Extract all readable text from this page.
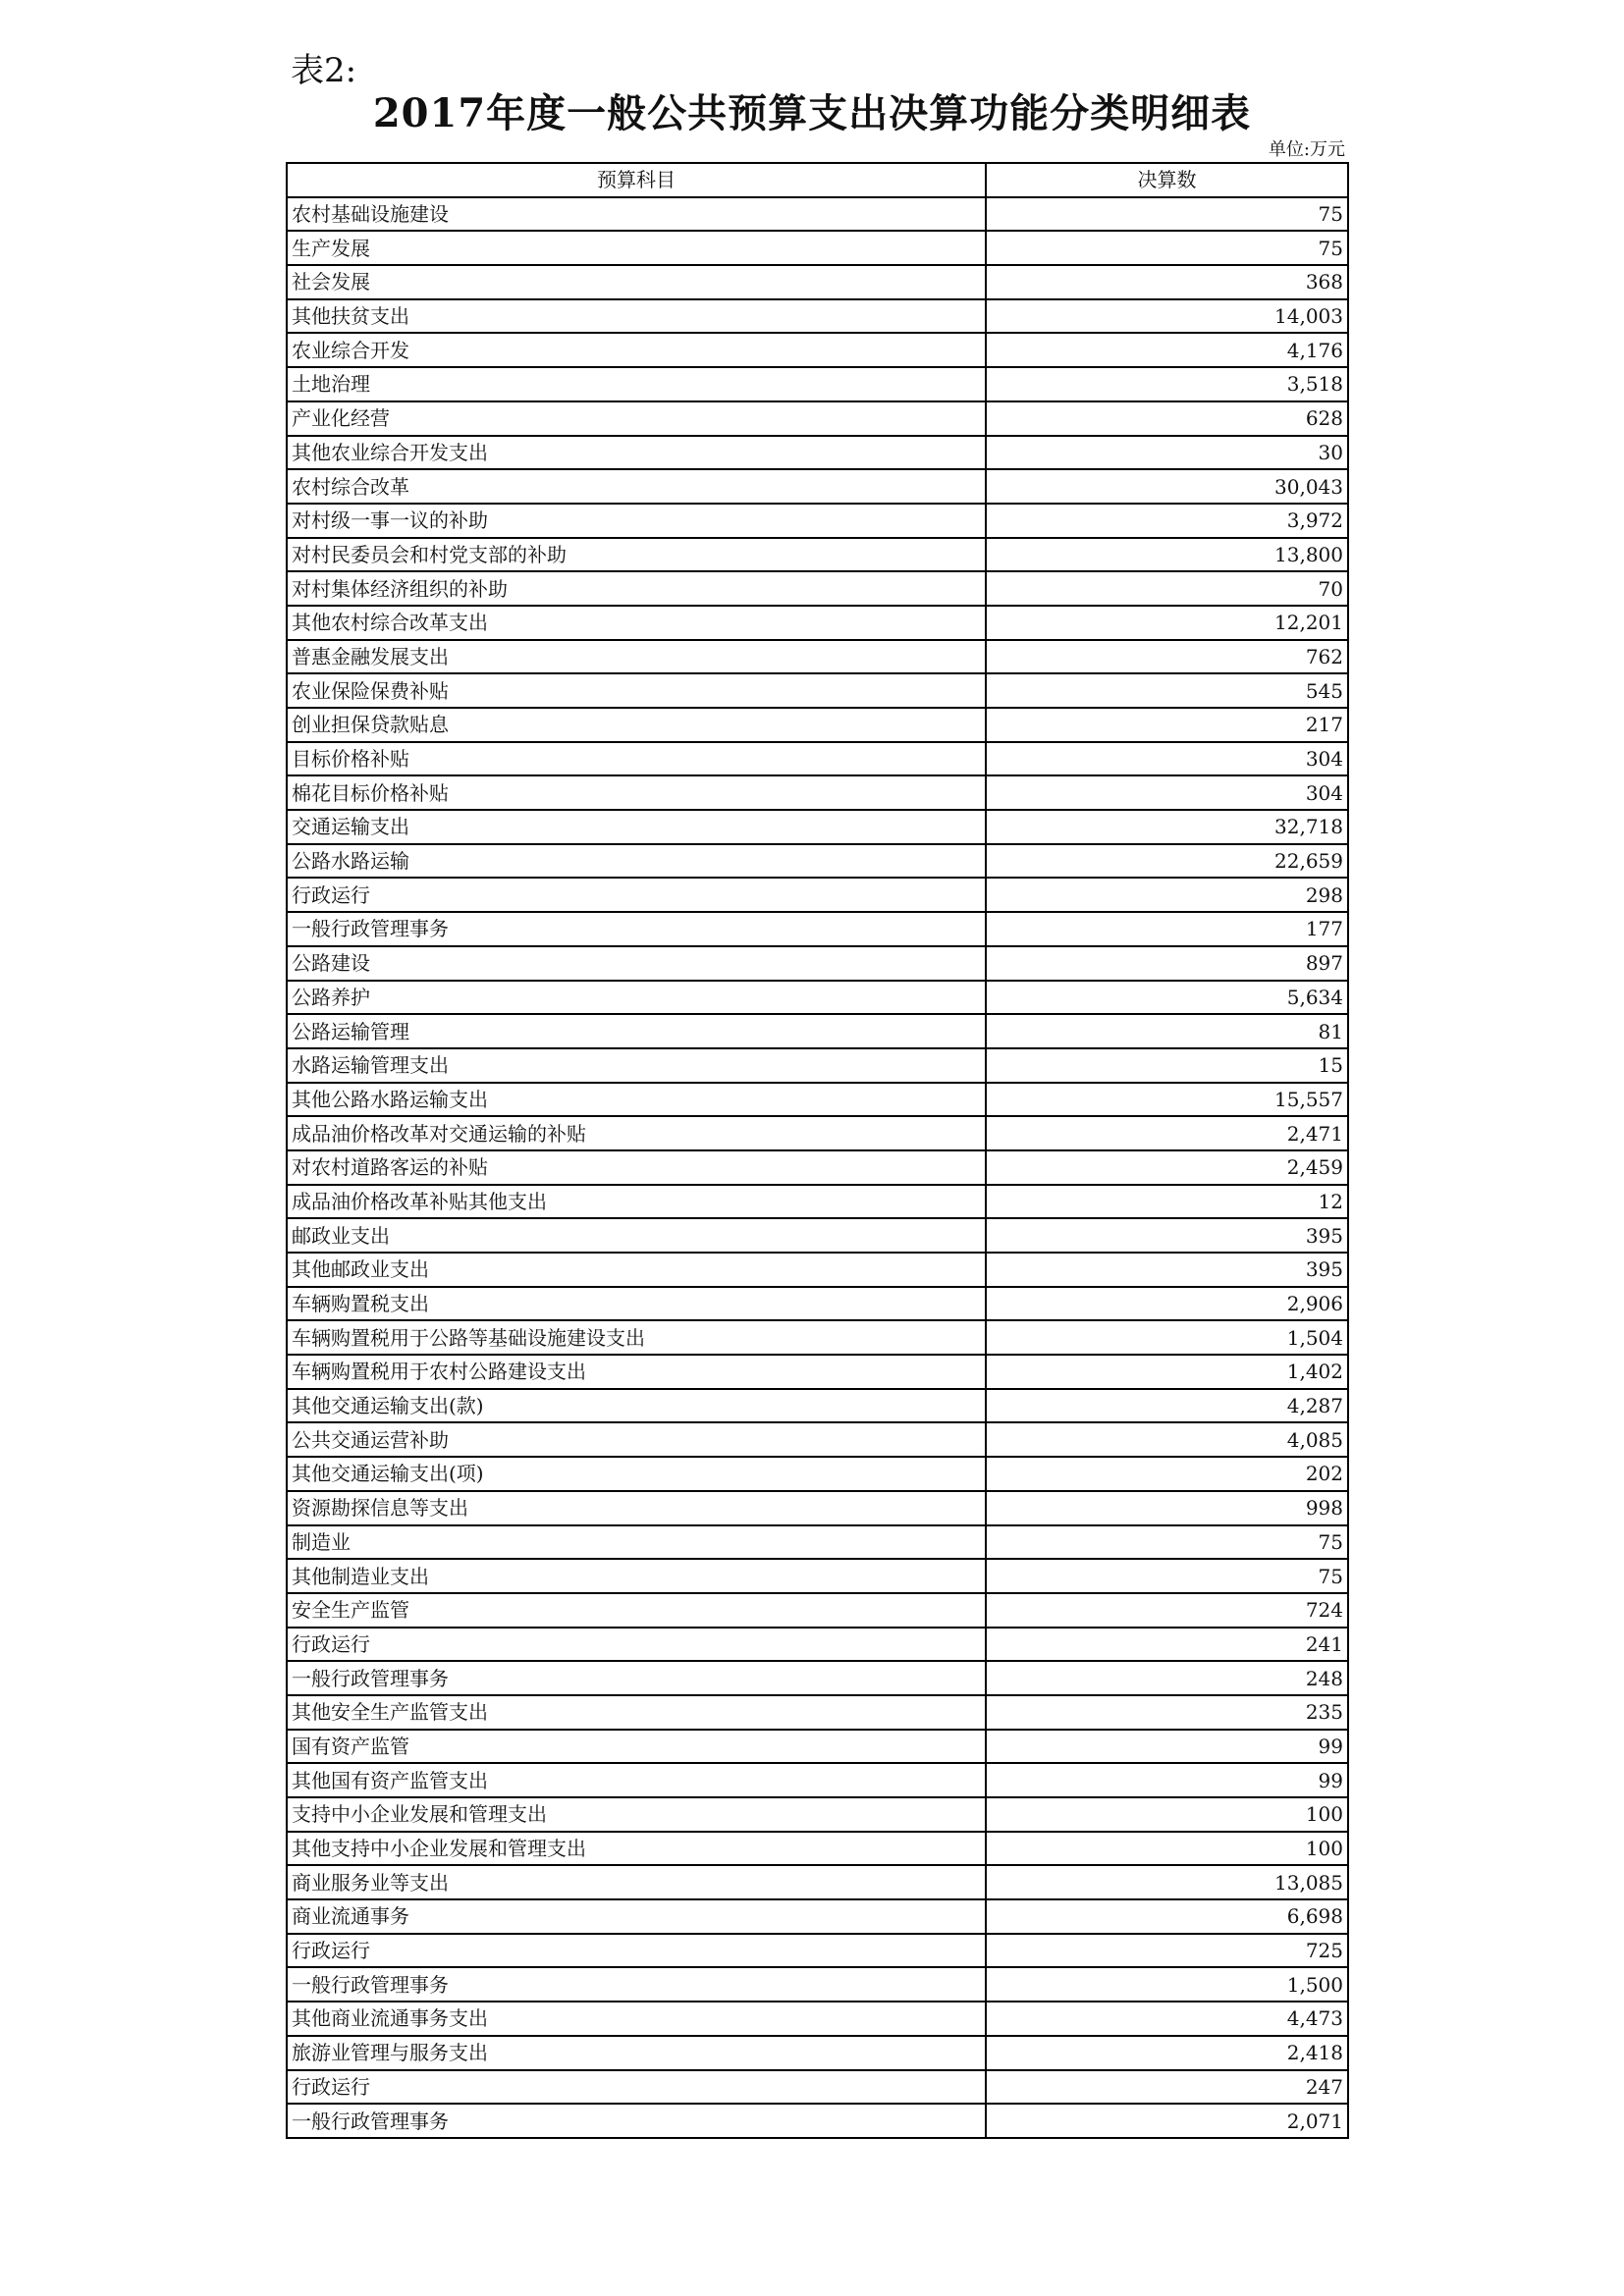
表2:
2017年度一般公共预算支出决算功能分类明细表
单位:万元
预算科目	决算数
农村基础设施建设	75
生产发展	75
社会发展	368
其他扶贫支出	14,003
农业综合开发	4,176
土地治理	3,518
产业化经营	628
其他农业综合开发支出	30
农村综合改革	30,043
对村级一事一议的补助	3,972
对村民委员会和村党支部的补助	13,800
对村集体经济组织的补助	70
其他农村综合改革支出	12,201
普惠金融发展支出	762
农业保险保费补贴	545
创业担保贷款贴息	217
目标价格补贴	304
棉花目标价格补贴	304
交通运输支出	32,718
公路水路运输	22,659
行政运行	298
一般行政管理事务	177
公路建设	897
公路养护	5,634
公路运输管理	81
水路运输管理支出	15
其他公路水路运输支出	15,557
成品油价格改革对交通运输的补贴	2,471
对农村道路客运的补贴	2,459
成品油价格改革补贴其他支出	12
邮政业支出	395
其他邮政业支出	395
车辆购置税支出	2,906
车辆购置税用于公路等基础设施建设支出	1,504
车辆购置税用于农村公路建设支出	1,402
其他交通运输支出(款)	4,287
公共交通运营补助	4,085
其他交通运输支出(项)	202
资源勘探信息等支出	998
制造业	75
其他制造业支出	75
安全生产监管	724
行政运行	241
一般行政管理事务	248
其他安全生产监管支出	235
国有资产监管	99
其他国有资产监管支出	99
支持中小企业发展和管理支出	100
其他支持中小企业发展和管理支出	100
商业服务业等支出	13,085
商业流通事务	6,698
行政运行	725
一般行政管理事务	1,500
其他商业流通事务支出	4,473
旅游业管理与服务支出	2,418
行政运行	247
一般行政管理事务	2,071
